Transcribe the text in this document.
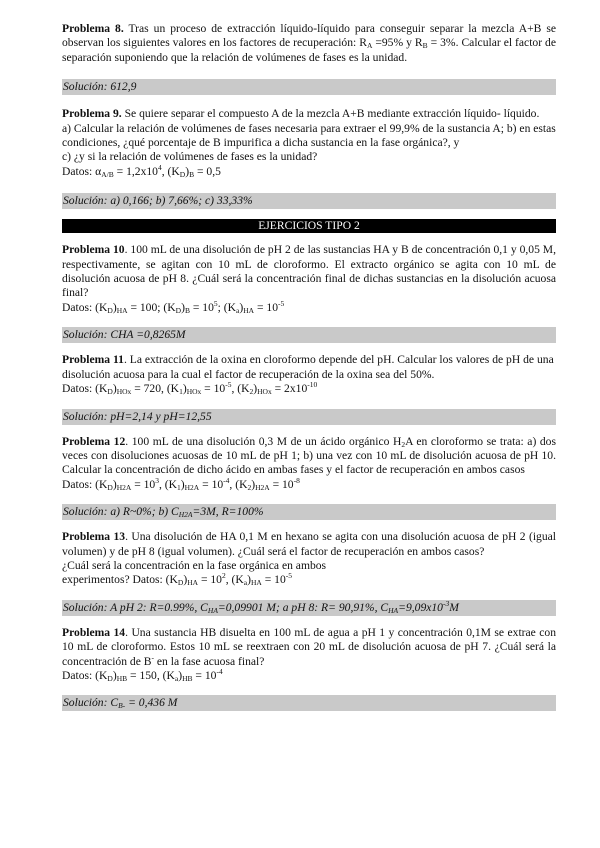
Problema 8. Tras un proceso de extracción líquido-líquido para conseguir separar la mezcla A+B se observan los siguientes valores en los factores de recuperación: $R_A =95\%$ y $R_B = 3\%$. Calcular el factor de separación suponiendo que la relación de volúmenes de fases es la unidad.

Solución: 612,9

Problema 9. Se quiere separar el compuesto A de la mezcla A+B mediante extracción líquido- líquido.

a) Calcular la relación de volúmenes de fases necesaria para extraer el 99,9% de la sustancia A; b) en estas condiciones, ¿qué porcentaje de B impurifica a dicha sustancia en la fase orgánica?, y

c) ¿y si la relación de volúmenes de fases es la unidad?

Datos: $\alpha_{A/B} = 1,2x10^4$, $(K_D)_B = 0,5$

Solución: a) 0,166; b) 7,66%; c) 33,33%
EJERCICIOS TIPO 2

Problema 10. 100 mL de una disolución de pH 2 de las sustancias HA y B de concentración 0,1 y 0,05 M, respectivamente, se agitan con 10 mL de cloroformo. El extracto orgánico se agita con 10 mL de disolución acuosa de pH 8. ¿Cuál será la concentración final de dichas sustancias en la disolución acuosa final?

Datos: $(K_D)_{HA} = 100$; $(K_D)_B = 10^5$; $(K_a)_{HA} = 10^{-5}$

Solución: CHA =0,8265M

Problema 11. La extracción de la oxina en cloroformo depende del pH. Calcular los valores de pH de una disolución acuosa para la cual el factor de recuperación de la oxina sea del 50%.

Datos: $(K_D)_{HOx} = 720$, $(K_1)_{HOx} = 10^{-5}$, $(K_2)_{HOx} = 2x10^{-10}$

Solución: pH=2,14 y pH=12,55

Problema 12. 100 mL de una disolución 0,3 M de un ácido orgánico $H_2A$ en cloroformo se trata: a) dos veces con disoluciones acuosas de 10 mL de pH 1; b) una vez con 10 mL de disolución acuosa de pH 10. Calcular la concentración de dicho ácido en ambas fases y el factor de recuperación en ambos casos

Datos: $(K_D)_{H2A} = 10^3$, $(K_1)_{H2A} = 10^{-4}$, $(K_2)_{H2A} = 10^{-8}$

Solución: a) R~0%; b) $C_{H2A}=3M$, R=100%

Problema 13. Una disolución de HA 0,1 M en hexano se agita con una disolución acuosa de pH 2 (igual volumen) y de pH 8 (igual volumen). ¿Cuál será el factor de recuperación en ambos casos?

¿Cuál será la concentración en la fase orgánica en ambos

experimentos? Datos: $(K_D)_{HA} = 10^2$, $(K_a)_{HA} = 10^{-5}$

Solución: A pH 2: R=0.99%, $C_{HA}=0,09901$ M; a pH 8: R= 90,91%, $C_{HA}=9,09x10^{-3}M$

Problema 14. Una sustancia HB disuelta en 100 mL de agua a pH 1 y concentración 0,1M se extrae con 10 mL de cloroformo. Estos 10 mL se reextraen con 20 mL de disolución acuosa de pH 7. ¿Cuál será la concentración de B- en la fase acuosa final?

Datos: $(K_D)_{HB} = 150$, $(K_a)_{HB} = 10^{-4}$

Solución: $C_{B-} = 0,436$ M
